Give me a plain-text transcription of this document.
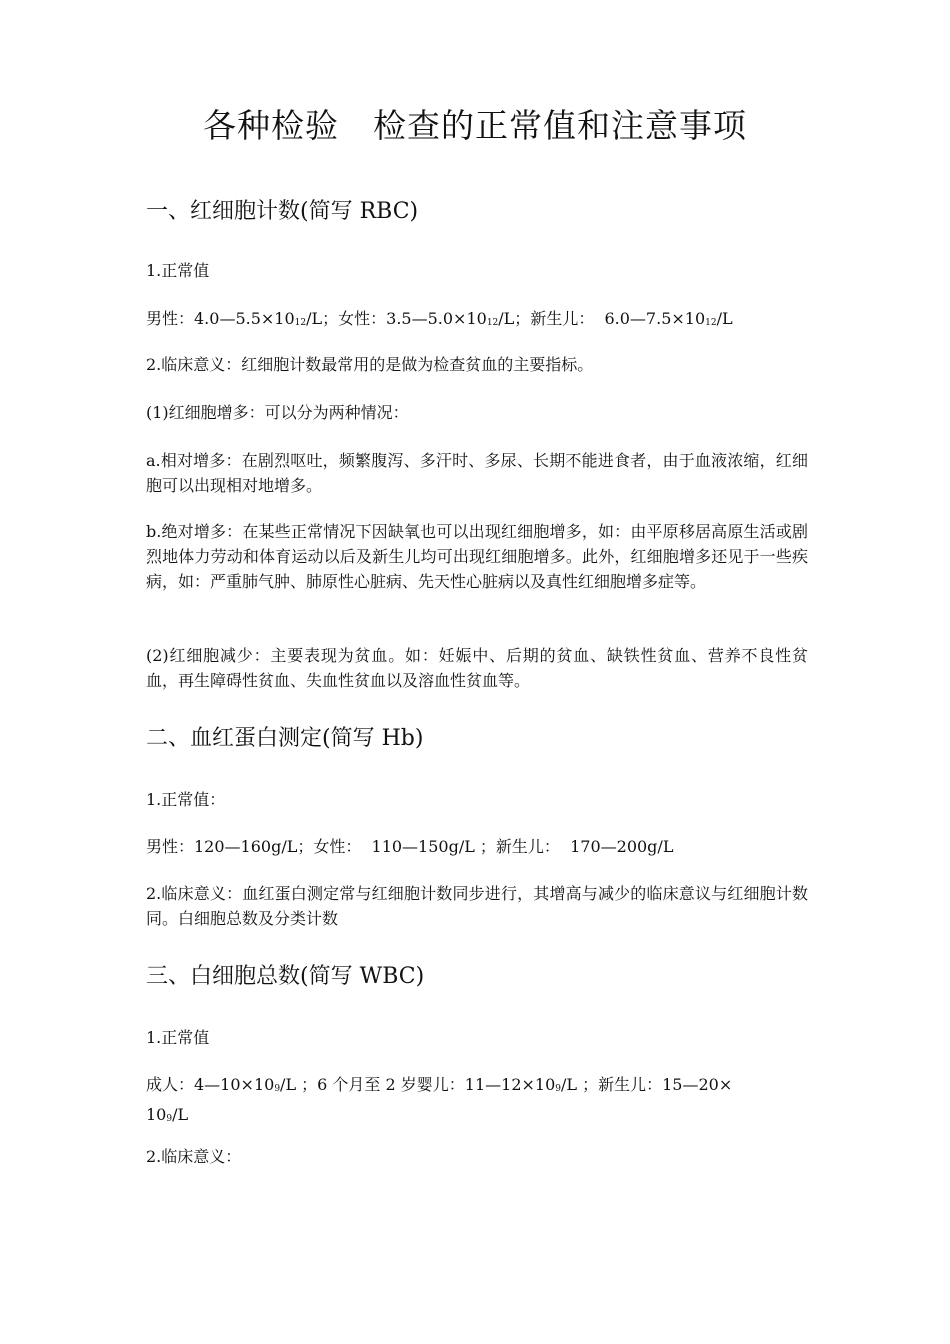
各种检验　检查的正常值和注意事项
一、红细胞计数(简写 RBC)
1.正常值
男性：4.0—5.5×1012/L；女性：3.5—5.0×1012/L；新生儿：  6.0—7.5×1012/L
2.临床意义：红细胞计数最常用的是做为检查贫血的主要指标。
(1)红细胞增多：可以分为两种情况：
a.相对增多：在剧烈呕吐，频繁腹泻、多汗时、多尿、长期不能进食者，由于血液浓缩，红细胞可以出现相对地增多。
b.绝对增多：在某些正常情况下因缺氧也可以出现红细胞增多，如：由平原移居高原生活或剧烈地体力劳动和体育运动以后及新生儿均可出现红细胞增多。此外，红细胞增多还见于一些疾病，如：严重肺气肿、肺原性心脏病、先天性心脏病以及真性红细胞增多症等。
(2)红细胞减少：主要表现为贫血。如：妊娠中、后期的贫血、缺铁性贫血、营养不良性贫血，再生障碍性贫血、失血性贫血以及溶血性贫血等。
二、血红蛋白测定(简写 Hb)
1.正常值：
男性：120—160g/L；女性：  110—150g/L ；新生儿：  170—200g/L
2.临床意义：血红蛋白测定常与红细胞计数同步进行，其增高与减少的临床意议与红细胞计数同。白细胞总数及分类计数
三、白细胞总数(简写 WBC)
1.正常值
成人：4—10×109/L ；6 个月至 2 岁婴儿：11—12×109/L ；新生儿：15—20×
109/L
2.临床意义：
